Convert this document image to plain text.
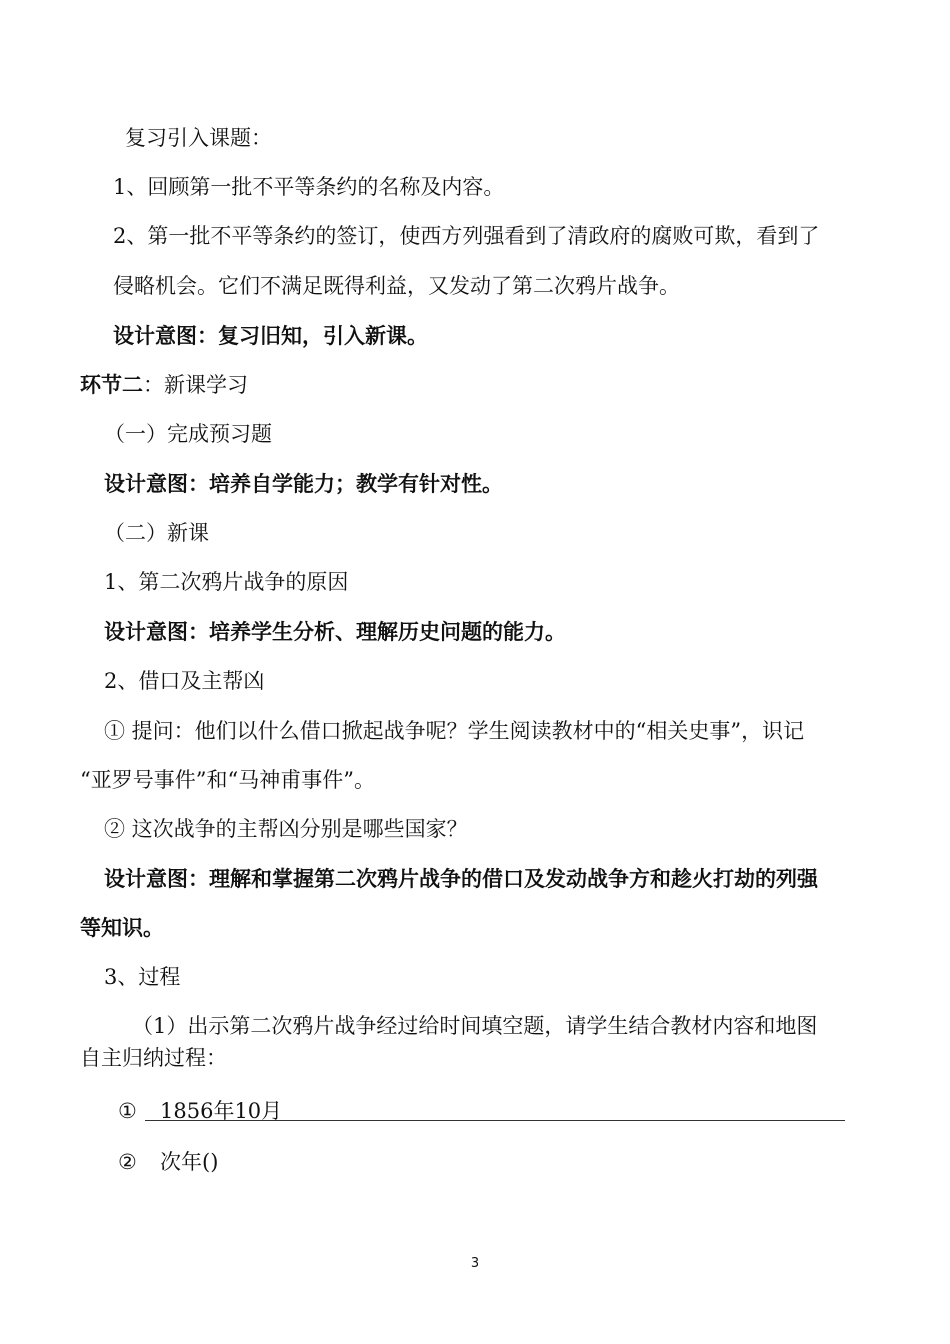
复习引入课题：
1、回顾第一批不平等条约的名称及内容。
2、第一批不平等条约的签订，使西方列强看到了清政府的腐败可欺，看到了
侵略机会。它们不满足既得利益，又发动了第二次鸦片战争。
设计意图：复习旧知，引入新课。
环节二：新课学习
（一）完成预习题
设计意图：培养自学能力；教学有针对性。
（二）新课
1、第二次鸦片战争的原因
设计意图：培养学生分析、理解历史问题的能力。
2、借口及主帮凶
① 提问：他们以什么借口掀起战争呢？学生阅读教材中的“相关史事”，识记
“亚罗号事件”和“马神甫事件”。
② 这次战争的主帮凶分别是哪些国家？
设计意图：理解和掌握第二次鸦片战争的借口及发动战争方和趁火打劫的列强
等知识。
3、过程
（1）出示第二次鸦片战争经过给时间填空题，请学生结合教材内容和地图
自主归纳过程：
① 1856年10月
② 次年()
3
